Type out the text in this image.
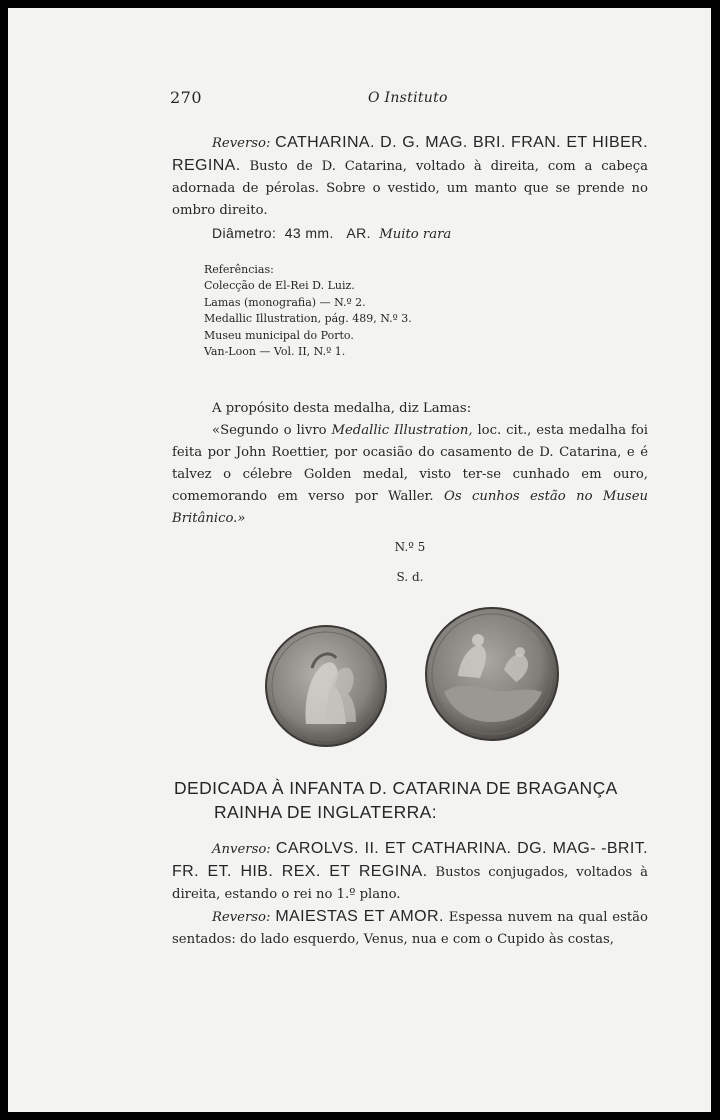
270	O Instituto

Reverso: CATHARINA. D. G. MAG. BRI. FRAN. ET HIBER. REGINA. Busto de D. Catarina, voltado à direita, com a cabeça adornada de pérolas. Sobre o vestido, um manto que se prende no ombro direito.

Diâmetro: 43 mm. AR. Muito rara

Referências:
Colecção de El-Rei D. Luiz.
Lamas (monografia) — N.º 2.
Medallic Illustration, pág. 489, N.º 3.
Museu municipal do Porto.
Van-Loon — Vol. II, N.º 1.

A propósito desta medalha, diz Lamas:

«Segundo o livro Medallic Illustration, loc. cit., esta medalha foi feita por John Roettier, por ocasião do casamento de D. Catarina, e é talvez o célebre Golden medal, visto ter-se cunhado em ouro, comemorando em verso por Waller. Os cunhos estão no Museu Britânico.»

N.º 5
S. d.
DEDICADA À INFANTA D. CATARINA DE BRAGANÇA
RAINHA DE INGLATERRA:

Anverso: CAROLVS. II. ET CATHARINA. DG. MAG- -BRIT. FR. ET. HIB. REX. ET REGINA. Bustos conjugados, voltados à direita, estando o rei no 1.º plano.

Reverso: MAIESTAS ET AMOR. Espessa nuvem na qual estão sentados: do lado esquerdo, Venus, nua e com o Cupido às costas,
